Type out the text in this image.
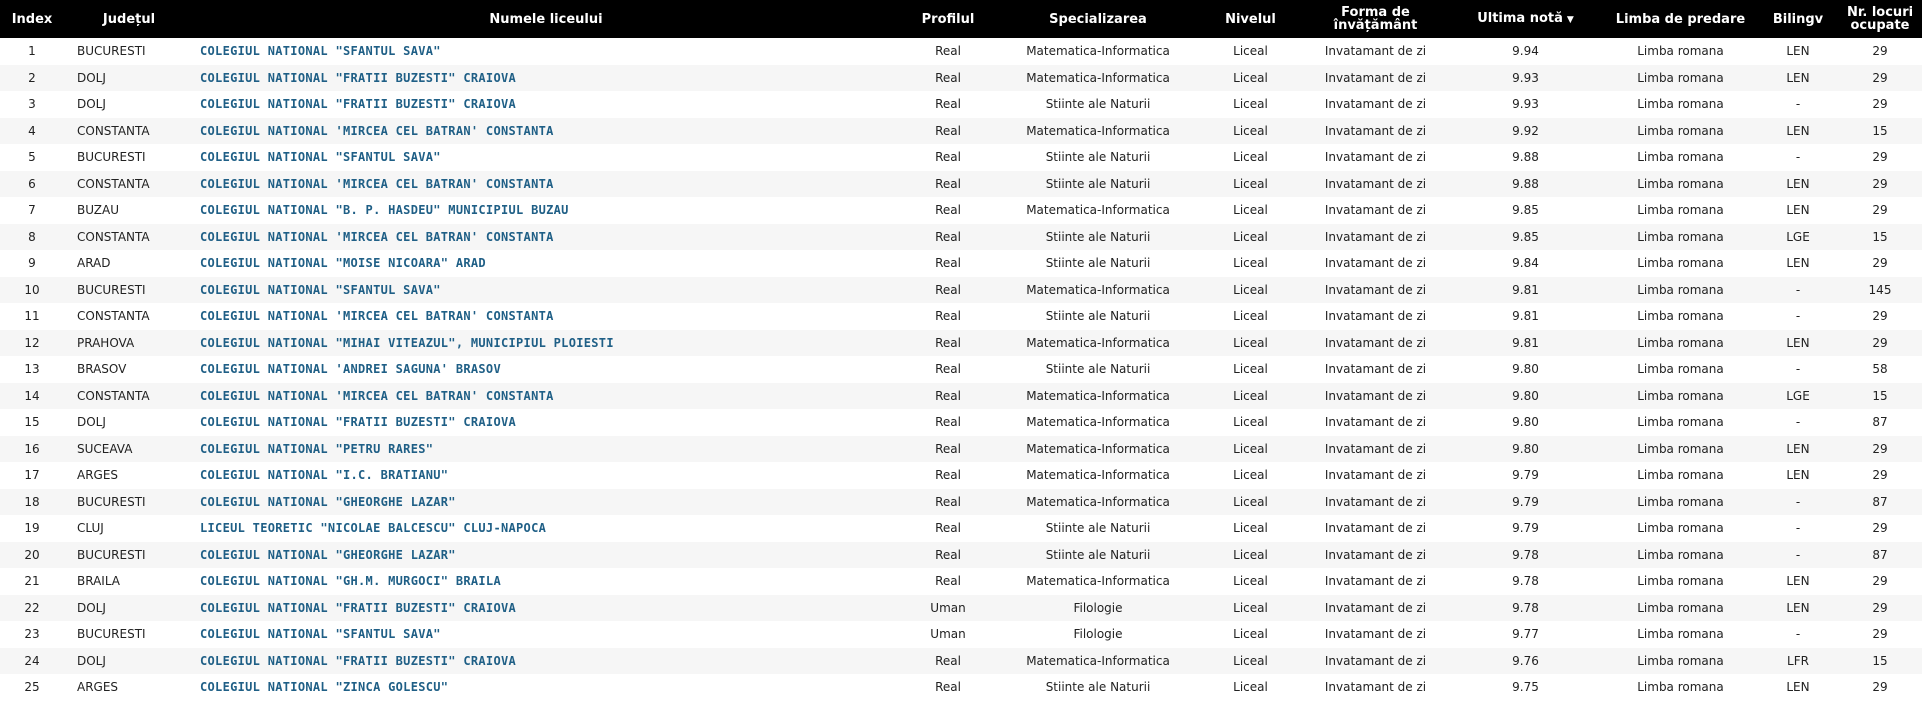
Index	Județul	Numele liceului	Profilul	Specializarea	Nivelul	Forma de învățământ	Ultima notă ▼	Limba de predare	Bilingv	Nr. locuri ocupate
1	BUCURESTI	COLEGIUL NATIONAL "SFANTUL SAVA"	Real	Matematica-Informatica	Liceal	Invatamant de zi	9.94	Limba romana	LEN	29
2	DOLJ	COLEGIUL NATIONAL "FRATII BUZESTI" CRAIOVA	Real	Matematica-Informatica	Liceal	Invatamant de zi	9.93	Limba romana	LEN	29
3	DOLJ	COLEGIUL NATIONAL "FRATII BUZESTI" CRAIOVA	Real	Stiinte ale Naturii	Liceal	Invatamant de zi	9.93	Limba romana	-	29
4	CONSTANTA	COLEGIUL NATIONAL 'MIRCEA CEL BATRAN' CONSTANTA	Real	Matematica-Informatica	Liceal	Invatamant de zi	9.92	Limba romana	LEN	15
5	BUCURESTI	COLEGIUL NATIONAL "SFANTUL SAVA"	Real	Stiinte ale Naturii	Liceal	Invatamant de zi	9.88	Limba romana	-	29
6	CONSTANTA	COLEGIUL NATIONAL 'MIRCEA CEL BATRAN' CONSTANTA	Real	Stiinte ale Naturii	Liceal	Invatamant de zi	9.88	Limba romana	LEN	29
7	BUZAU	COLEGIUL NATIONAL "B. P. HASDEU" MUNICIPIUL BUZAU	Real	Matematica-Informatica	Liceal	Invatamant de zi	9.85	Limba romana	LEN	29
8	CONSTANTA	COLEGIUL NATIONAL 'MIRCEA CEL BATRAN' CONSTANTA	Real	Stiinte ale Naturii	Liceal	Invatamant de zi	9.85	Limba romana	LGE	15
9	ARAD	COLEGIUL NATIONAL "MOISE NICOARA" ARAD	Real	Stiinte ale Naturii	Liceal	Invatamant de zi	9.84	Limba romana	LEN	29
10	BUCURESTI	COLEGIUL NATIONAL "SFANTUL SAVA"	Real	Matematica-Informatica	Liceal	Invatamant de zi	9.81	Limba romana	-	145
11	CONSTANTA	COLEGIUL NATIONAL 'MIRCEA CEL BATRAN' CONSTANTA	Real	Stiinte ale Naturii	Liceal	Invatamant de zi	9.81	Limba romana	-	29
12	PRAHOVA	COLEGIUL NATIONAL "MIHAI VITEAZUL", MUNICIPIUL PLOIESTI	Real	Matematica-Informatica	Liceal	Invatamant de zi	9.81	Limba romana	LEN	29
13	BRASOV	COLEGIUL NATIONAL 'ANDREI SAGUNA' BRASOV	Real	Stiinte ale Naturii	Liceal	Invatamant de zi	9.80	Limba romana	-	58
14	CONSTANTA	COLEGIUL NATIONAL 'MIRCEA CEL BATRAN' CONSTANTA	Real	Matematica-Informatica	Liceal	Invatamant de zi	9.80	Limba romana	LGE	15
15	DOLJ	COLEGIUL NATIONAL "FRATII BUZESTI" CRAIOVA	Real	Matematica-Informatica	Liceal	Invatamant de zi	9.80	Limba romana	-	87
16	SUCEAVA	COLEGIUL NATIONAL "PETRU RARES"	Real	Matematica-Informatica	Liceal	Invatamant de zi	9.80	Limba romana	LEN	29
17	ARGES	COLEGIUL NATIONAL "I.C. BRATIANU"	Real	Matematica-Informatica	Liceal	Invatamant de zi	9.79	Limba romana	LEN	29
18	BUCURESTI	COLEGIUL NATIONAL "GHEORGHE LAZAR"	Real	Matematica-Informatica	Liceal	Invatamant de zi	9.79	Limba romana	-	87
19	CLUJ	LICEUL TEORETIC "NICOLAE BALCESCU" CLUJ-NAPOCA	Real	Stiinte ale Naturii	Liceal	Invatamant de zi	9.79	Limba romana	-	29
20	BUCURESTI	COLEGIUL NATIONAL "GHEORGHE LAZAR"	Real	Stiinte ale Naturii	Liceal	Invatamant de zi	9.78	Limba romana	-	87
21	BRAILA	COLEGIUL NATIONAL "GH.M. MURGOCI" BRAILA	Real	Matematica-Informatica	Liceal	Invatamant de zi	9.78	Limba romana	LEN	29
22	DOLJ	COLEGIUL NATIONAL "FRATII BUZESTI" CRAIOVA	Uman	Filologie	Liceal	Invatamant de zi	9.78	Limba romana	LEN	29
23	BUCURESTI	COLEGIUL NATIONAL "SFANTUL SAVA"	Uman	Filologie	Liceal	Invatamant de zi	9.77	Limba romana	-	29
24	DOLJ	COLEGIUL NATIONAL "FRATII BUZESTI" CRAIOVA	Real	Matematica-Informatica	Liceal	Invatamant de zi	9.76	Limba romana	LFR	15
25	ARGES	COLEGIUL NATIONAL "ZINCA GOLESCU"	Real	Stiinte ale Naturii	Liceal	Invatamant de zi	9.75	Limba romana	LEN	29
